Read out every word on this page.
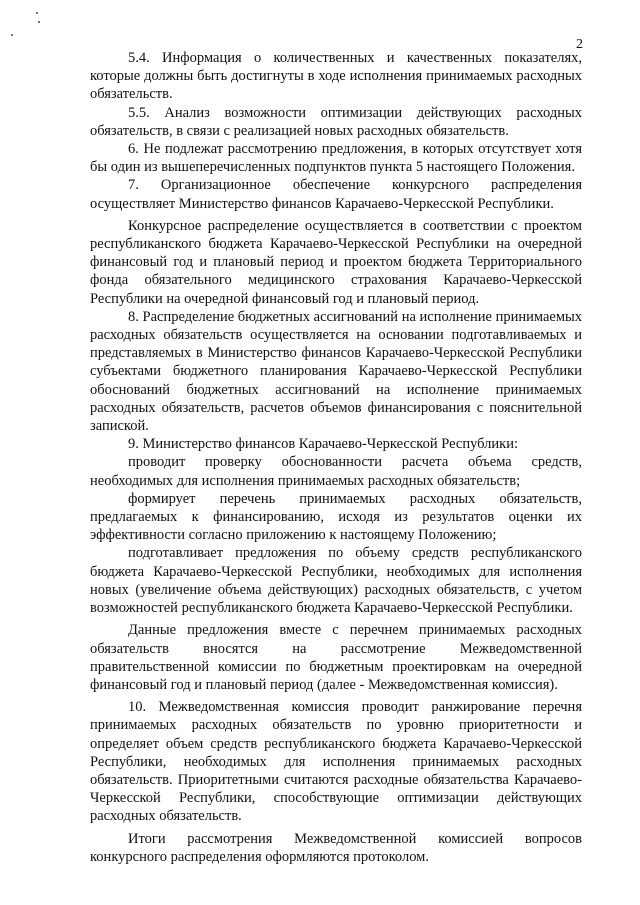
2

5.4. Информация о количественных и качественных показателях, которые должны быть достигнуты в ходе исполнения принимаемых расходных обязательств.

5.5. Анализ возможности оптимизации действующих расходных обязательств, в связи с реализацией новых расходных обязательств.

6. Не подлежат рассмотрению предложения, в которых отсутствует хотя бы один из вышеперечисленных подпунктов пункта 5 настоящего Положения.

7. Организационное обеспечение конкурсного распределения осуществляет Министерство финансов Карачаево-Черкесской Республики.

Конкурсное распределение осуществляется в соответствии с проектом республиканского бюджета Карачаево-Черкесской Республики на очередной финансовый год и плановый период и проектом бюджета Территориального фонда обязательного медицинского страхования Карачаево-Черкесской Республики на очередной финансовый год и плановый период.

8. Распределение бюджетных ассигнований на исполнение принимаемых расходных обязательств осуществляется на основании подготавливаемых и представляемых в Министерство финансов Карачаево-Черкесской Республики субъектами бюджетного планирования Карачаево-Черкесской Республики обоснований бюджетных ассигнований на исполнение принимаемых расходных обязательств, расчетов объемов финансирования с пояснительной запиской.

9. Министерство финансов Карачаево-Черкесской Республики:

проводит проверку обоснованности расчета объема средств, необходимых для исполнения принимаемых расходных обязательств;

формирует перечень принимаемых расходных обязательств, предлагаемых к финансированию, исходя из результатов оценки их эффективности согласно приложению к настоящему Положению;

подготавливает предложения по объему средств республиканского бюджета Карачаево-Черкесской Республики, необходимых для исполнения новых (увеличение объема действующих) расходных обязательств, с учетом возможностей республиканского бюджета Карачаево-Черкесской Республики.

Данные предложения вместе с перечнем принимаемых расходных обязательств вносятся на рассмотрение Межведомственной правительственной комиссии по бюджетным проектировкам на очередной финансовый год и плановый период (далее - Межведомственная комиссия).

10. Межведомственная комиссия проводит ранжирование перечня принимаемых расходных обязательств по уровню приоритетности и определяет объем средств республиканского бюджета Карачаево-Черкесской Республики, необходимых для исполнения принимаемых расходных обязательств. Приоритетными считаются расходные обязательства Карачаево-Черкесской Республики, способствующие оптимизации действующих расходных обязательств.

Итоги рассмотрения Межведомственной комиссией вопросов конкурсного распределения оформляются протоколом.
